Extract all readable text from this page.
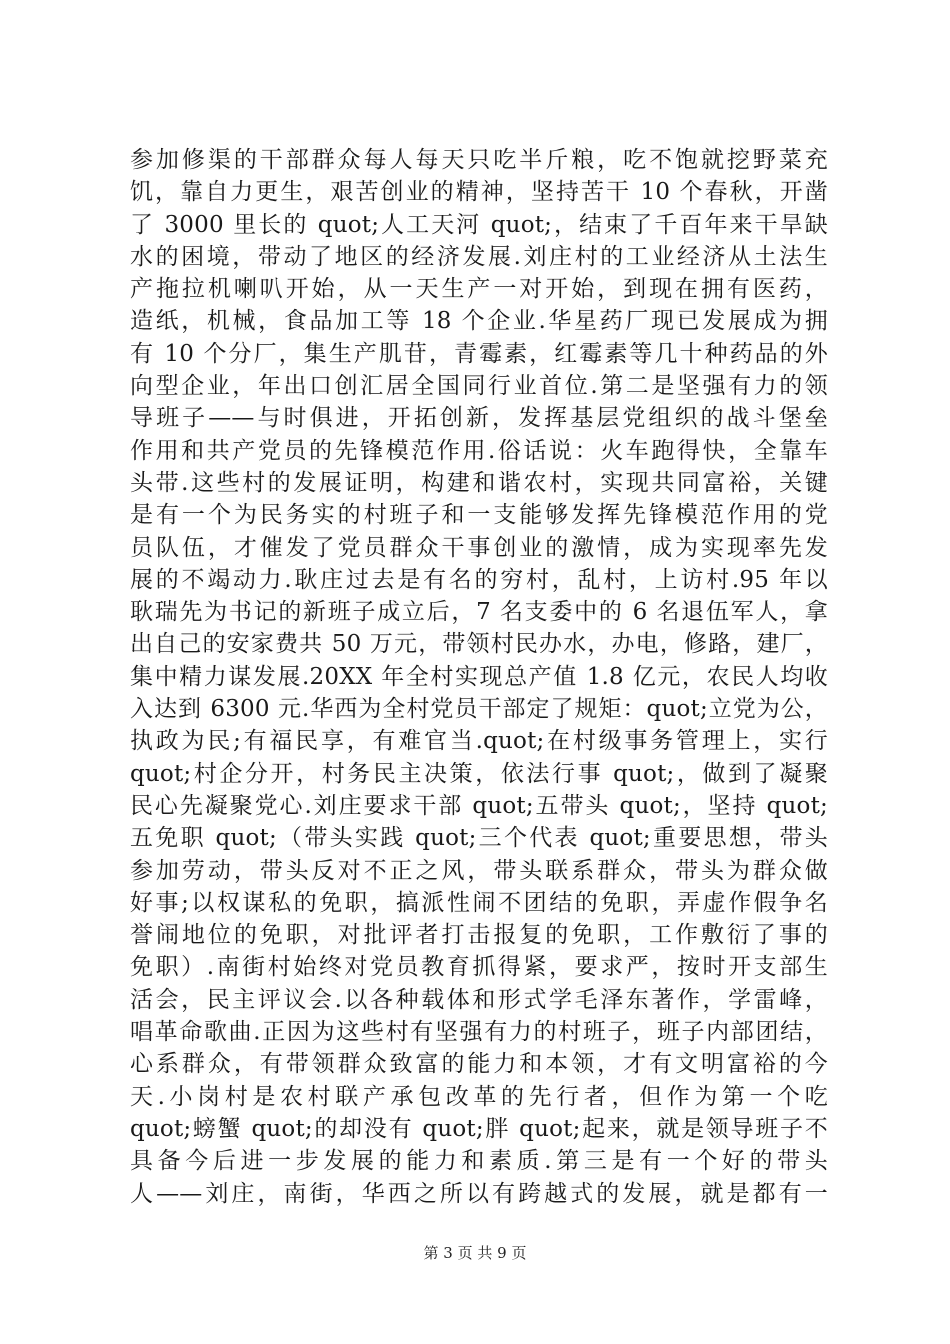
参加修渠的干部群众每人每天只吃半斤粮，吃不饱就挖野菜充
饥，靠自力更生，艰苦创业的精神，坚持苦干 10 个春秋，开凿
了 3000 里长的 quot;人工天河 quot;，结束了千百年来干旱缺
水的困境，带动了地区的经济发展.刘庄村的工业经济从土法生
产拖拉机喇叭开始，从一天生产一对开始，到现在拥有医药，
造纸，机械，食品加工等 18 个企业.华星药厂现已发展成为拥
有 10 个分厂，集生产肌苷，青霉素，红霉素等几十种药品的外
向型企业，年出口创汇居全国同行业首位.第二是坚强有力的领
导班子——与时俱进，开拓创新，发挥基层党组织的战斗堡垒
作用和共产党员的先锋模范作用.俗话说：火车跑得快，全靠车
头带.这些村的发展证明，构建和谐农村，实现共同富裕，关键
是有一个为民务实的村班子和一支能够发挥先锋模范作用的党
员队伍，才催发了党员群众干事创业的激情，成为实现率先发
展的不竭动力.耿庄过去是有名的穷村，乱村，上访村.95 年以
耿瑞先为书记的新班子成立后，7 名支委中的 6 名退伍军人，拿
出自己的安家费共 50 万元，带领村民办水，办电，修路，建厂，
集中精力谋发展.20XX 年全村实现总产值 1.8 亿元，农民人均收
入达到 6300 元.华西为全村党员干部定了规矩：quot;立党为公，
执政为民;有福民享，有难官当.quot;在村级事务管理上，实行
quot;村企分开，村务民主决策，依法行事 quot;，做到了凝聚
民心先凝聚党心.刘庄要求干部 quot;五带头 quot;，坚持 quot;
五免职 quot;（带头实践 quot;三个代表 quot;重要思想，带头
参加劳动，带头反对不正之风，带头联系群众，带头为群众做
好事;以权谋私的免职，搞派性闹不团结的免职，弄虚作假争名
誉闹地位的免职，对批评者打击报复的免职，工作敷衍了事的
免职）.南街村始终对党员教育抓得紧，要求严，按时开支部生
活会，民主评议会.以各种载体和形式学毛泽东著作，学雷峰，
唱革命歌曲.正因为这些村有坚强有力的村班子，班子内部团结，
心系群众，有带领群众致富的能力和本领，才有文明富裕的今
天.小岗村是农村联产承包改革的先行者，但作为第一个吃
quot;螃蟹 quot;的却没有 quot;胖 quot;起来，就是领导班子不
具备今后进一步发展的能力和素质.第三是有一个好的带头
人——刘庄，南街，华西之所以有跨越式的发展，就是都有一
第 3 页 共 9 页
